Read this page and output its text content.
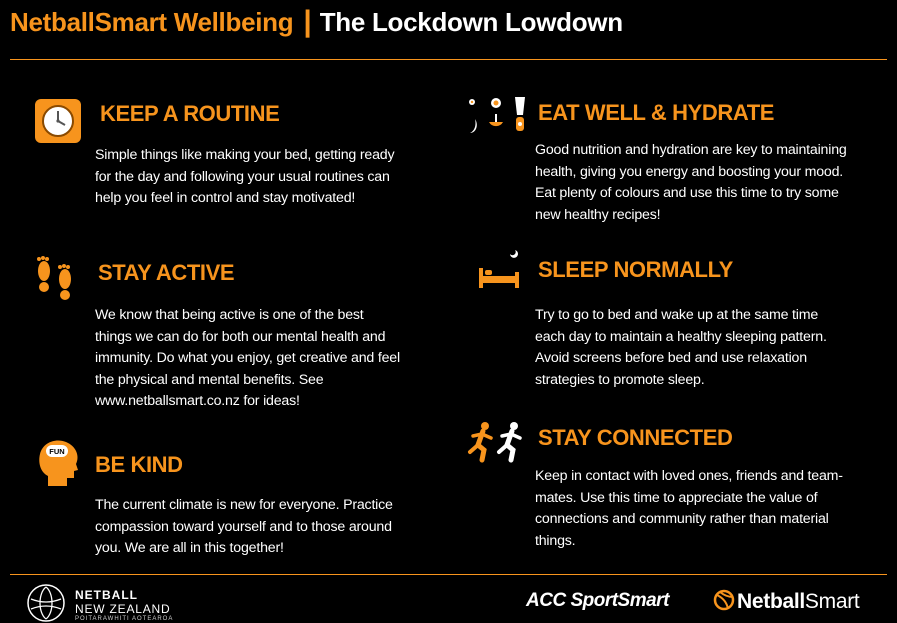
NetballSmart Wellbeing | The Lockdown Lowdown
KEEP A ROUTINE

Simple things like making your bed, getting ready
for the day and following your usual routines can
help you feel in control and stay motivated!

STAY ACTIVE

We know that being active is one of the best
things we can do for both our mental health and
immunity. Do what you enjoy, get creative and feel
the physical and mental benefits. See
www.netballsmart.co.nz for ideas!

FUN
BE KIND

The current climate is new for everyone. Practice
compassion toward yourself and to those around
you. We are all in this together!

EAT WELL & HYDRATE

Good nutrition and hydration are key to maintaining
health, giving you energy and boosting your mood.
Eat plenty of colours and use this time to try some
new healthy recipes!

SLEEP NORMALLY

Try to go to bed and wake up at the same time
each day to maintain a healthy sleeping pattern.
Avoid screens before bed and use relaxation
strategies to promote sleep.

STAY CONNECTED

Keep in contact with loved ones, friends and team-
mates. Use this time to appreciate the value of
connections and community rather than material
things.

NETBALL
NEW ZEALAND
POITARAWHITI AOTEAROA
ACC SportSmart	NetballSmart
